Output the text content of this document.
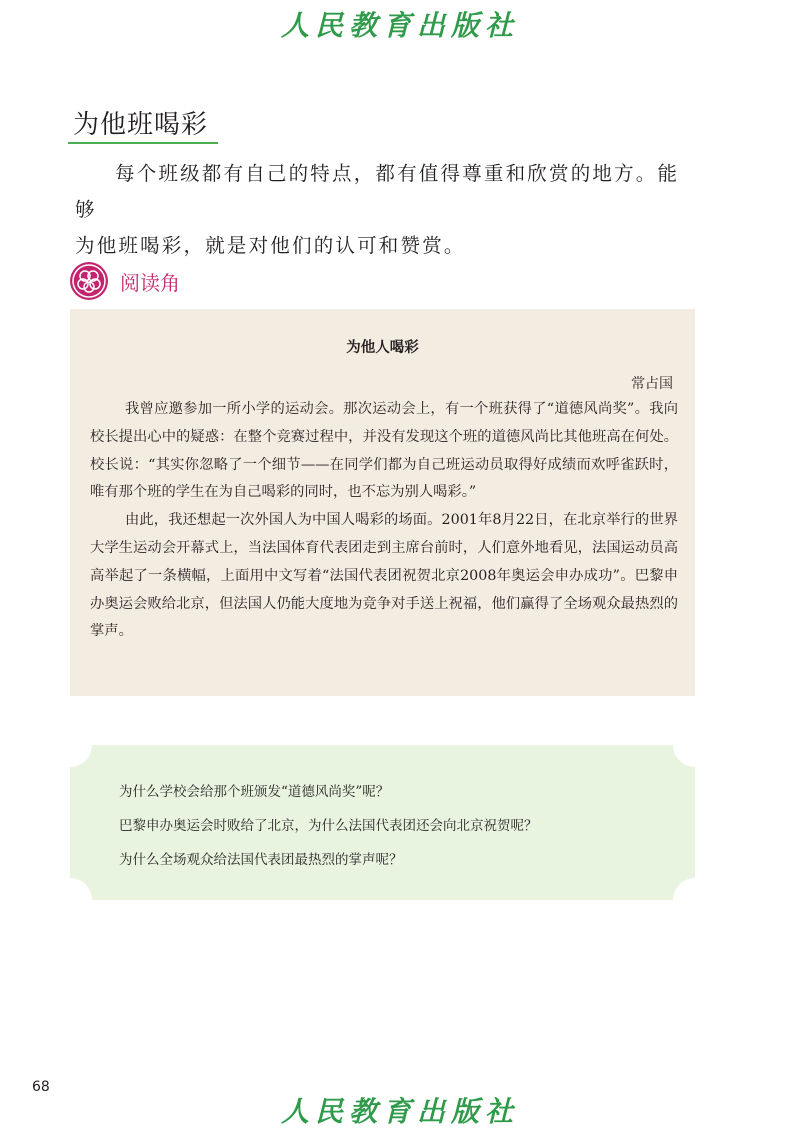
人民教育出版社
为他班喝彩
每个班级都有自己的特点，都有值得尊重和欣赏的地方。能够
为他班喝彩，就是对他们的认可和赞赏。
阅读角
为他人喝彩
常占国

我曾应邀参加一所小学的运动会。那次运动会上，有一个班获得了“道德风尚奖”。我向校长提出心中的疑惑：在整个竞赛过程中，并没有发现这个班的道德风尚比其他班高在何处。校长说：“其实你忽略了一个细节——在同学们都为自己班运动员取得好成绩而欢呼雀跃时，唯有那个班的学生在为自己喝彩的同时，也不忘为别人喝彩。”

由此，我还想起一次外国人为中国人喝彩的场面。2001年8月22日，在北京举行的世界大学生运动会开幕式上，当法国体育代表团走到主席台前时，人们意外地看见，法国运动员高高举起了一条横幅，上面用中文写着“法国代表团祝贺北京2008年奥运会申办成功”。巴黎申办奥运会败给北京，但法国人仍能大度地为竞争对手送上祝福，他们赢得了全场观众最热烈的掌声。

为什么学校会给那个班颁发“道德风尚奖”呢？
巴黎申办奥运会时败给了北京，为什么法国代表团还会向北京祝贺呢？
为什么全场观众给法国代表团最热烈的掌声呢？
68
人民教育出版社
